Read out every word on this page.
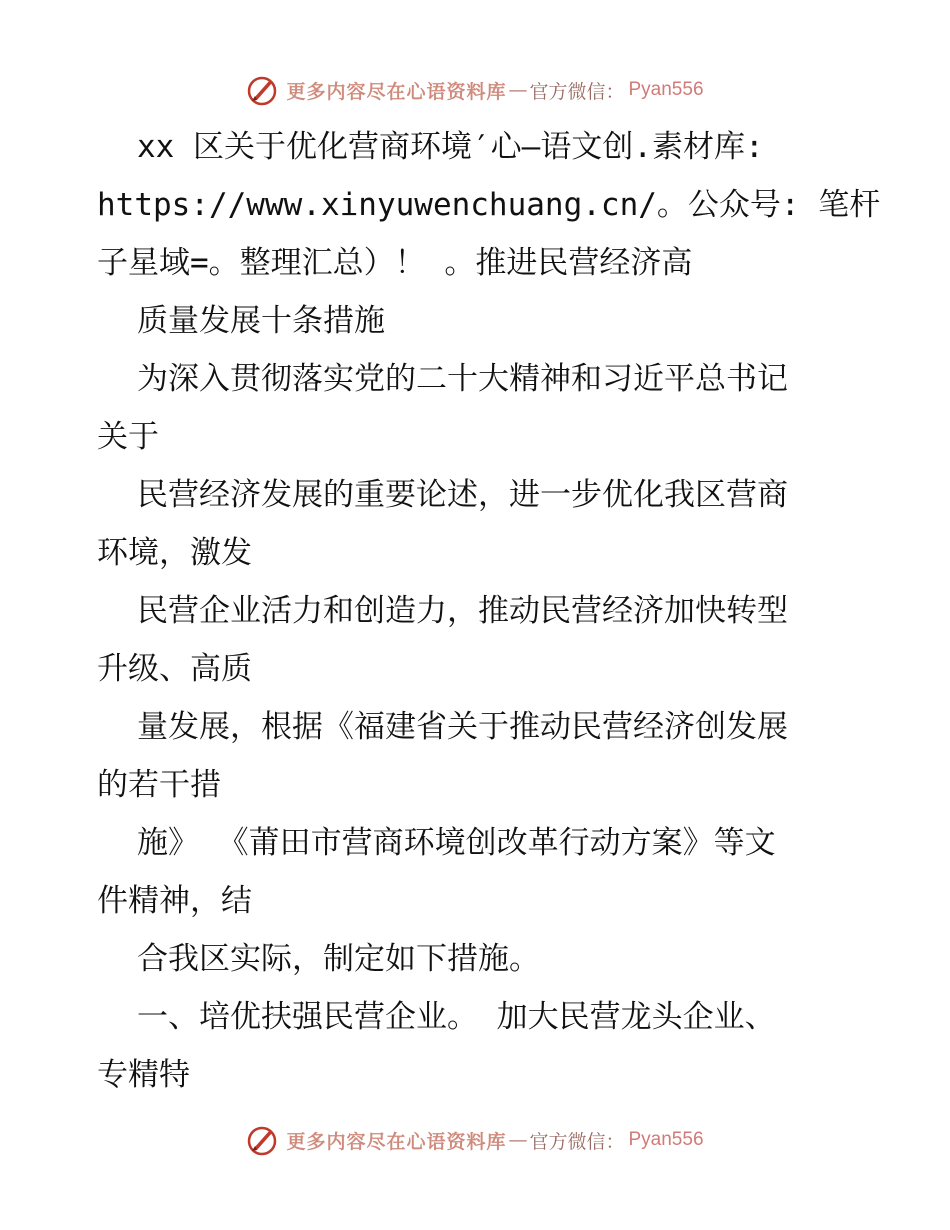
更多内容尽在心语资料库 — 官方微信： Pyan556
xx 区关于优化营商环境′心—语文创.素材库:
https://www.xinyuwenchuang.cn/。公众号: 笔杆
子星域=。整理汇总）！ 。推进民营经济高
质量发展十条措施
为深入贯彻落实党的二十大精神和习近平总书记
关于
民营经济发展的重要论述，进一步优化我区营商
环境，激发
民营企业活力和创造力，推动民营经济加快转型
升级、高质
量发展，根据《福建省关于推动民营经济创发展
的若干措
施》 《莆田市营商环境创改革行动方案》等文
件精神，结
合我区实际，制定如下措施。
一、培优扶强民营企业。 加大民营龙头企业、
专精特
更多内容尽在心语资料库 — 官方微信： Pyan556
